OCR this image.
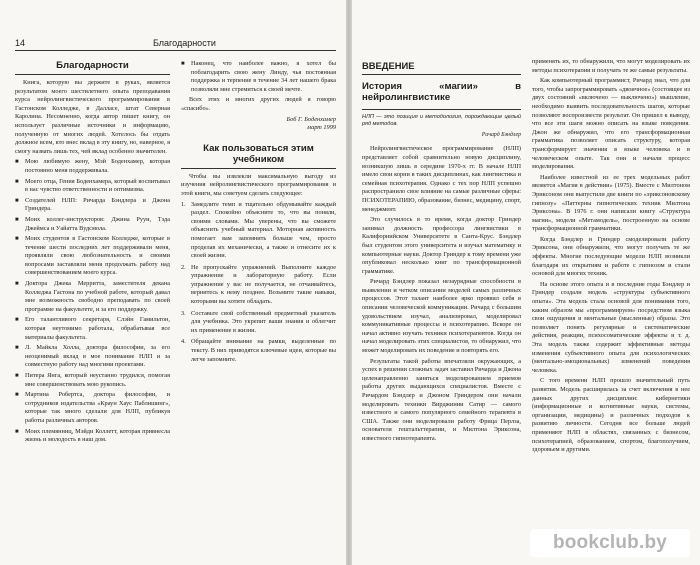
14	Благодарности
Благодарности

Книга, которую вы держите в руках, является результатом моего шестилетнего опыта преподавания курса нейролингвистического программирования в Гастонском Колледже, в Далласе, штат Северная Каролина. Несомненно, когда автор пишет книгу, он использует различные источники и информацию, полученную от многих людей. Хотелось бы отдать должное всем, кто внес вклад в эту книгу, но, наверное, я смогу назвать лишь тех, чей вклад особенно значителен.

■ Мою любимую жену, Мэй Боденхамер, которая постоянно меня поддерживала.
■ Моего отца, Гения Боденхамера, который воспитывал в нас чувство ответственности и оптимизма.
■ Создателей НЛП: Ричарда Бэндлера и Джона Гриндера.
■ Моих коллег-инструкторов: Джина Рууи, Тэда Джеймса и Уайатта Вудсмола.
■ Моих студентов в Гастонском Колледже, которые в течение шести последних лет поддерживали меня, проявляли свою любознательность и своими вопросами заставляли меня продолжать работу над совершенствованием моего курса.
■ Доктора Джека Мерритта, заместителя декана Колледжа Гастона по учебной работе, который давал мне возможность свободно преподавать по своей программе на факультете, и за его поддержку.
■ Его талантливого секретаря, Слэйн Гамильтон, которая неутомимо работала, обрабатывая все материалы факультета.
■ Л. Майкла Холла, доктора философии, за его неоценимый вклад в мое понимание НЛП и за совместную работу над многими проектами.
■ Питера Янга, который неустанно трудился, помогая мне совершенствовать мою рукопись.
■ Мартина Робертса, доктора философии, и сотрудников издательства «Краун Хаус Паблишинг», которые так много сделали для НЛП, публикуя работы различных авторов.
■ Моих племянниц, Мэйди Коллетт, которая привнесла жизнь и молодость в наш дом.
■ Наконец, что наиболее важно, я хотел бы поблагодарить свою жену Линду, чья постоянная поддержка и терпение в течение 34 лет нашего брака позволяли мне стремиться к своей мечте.

Всех этих и многих других людей я говорю «спасибо».

Боб Г. Боденхамер
март 1999
Как пользоваться этим учебником

Чтобы вы извлекли максимальную выгоду из изучения нейролингвистического программирования и этой книги, мы советуем сделать следующее:

1. Замедлите темп и тщательно обдумывайте каждый раздел. Спокойно объясните то, что вы поняли, своими словами. Мы уверены, что вы сможете объяснить учебный материал. Моторная активность помогает вам запомнить больше чем, просто проделав их механически, а также и отнесите их к своей жизни.
2. Не пропускайте упражнений. Выполните каждое упражнение и лабораторную работу. Если упражнение у вас не получается, не отчаивайтесь, вернитесь к нему позднее. Возьмите такие навыки, которыми вы хотите обладать.
3. Составьте свой собственный предметный указатель для учебника. Это укрепит ваши знания и облегчит их применение в жизни.
4. Обращайте внимание на рамки, выделенные по тексту. В них приводятся ключевые идеи, которые вы легче запомните.
ВВЕДЕНИЕ
История «магии» в нейролингвистике
НЛП — это позиция и методология, порождающие целый ряд методов.
Ричард Бэндлер

Нейролингвистическое программирование (НЛП) представляет собой сравнительно новую дисциплину, возникшую лишь в середине 1970-х гг. В начале НЛП имело свои корни в таких дисциплинах, как лингвистика и семейная психотерапия. Однако с тех пор НЛП успешно распространило свое влияние на самые различные сферы: ПСИХОТЕРАПИЮ, образование, бизнес, медицину, спорт, менеджмент.

Это случилось в то время, когда доктор Гриндер занимал должность профессора лингвистики в Калифорнийском Университете в Санта-Крус. Бэндлер был студентом этого университета и изучал математику и компьютерные науки. Доктор Гриндер к тому времени уже опубликовал несколько книг по трансформационной грамматике.

Ричард Бэндлер показал незаурядные способности в выявлении и четком описании моделей самых различных процессов. Этот талант наиболее ярко проявил себя в описании человеческой коммуникации. Ричард с большим удовольствием изучал, анализировал, моделировал коммуникативные процессы и психотерапию. Вскоре он начал активно изучать техники психотерапевтов. Когда он начал моделировать этих специалистов, то обнаружил, что может моделировать их поведение и повторять его.

Результаты такой работы впечатляли окружающих, а успех в решении сложных задач заставил Ричарда и Джона целенаправленно заняться моделированием приемов работы других выдающихся специалистов. Вместе с Ричардом Бэндлер и Джоном Гриндером они начали моделировать техники Вирджинии Сатир — самого известного и самого популярного семейного терапевта в США. Также они моделировали работу Фрица Перлза, основателя гештальттерапии, и Милтона Эриксона, известного гипнотерапевта.

применять их, то обнаружили, что могут моделировать их методы психотерапии и получать те же самые результаты.

Как компьютерный программист, Ричард знал, что для того, чтобы запрограммировать «двоичное» (состоящее из двух состояний «включено — выключено») мышление, необходимо выявить последовательность шагов, которые позволяют воспроизвести результат. Он пришел к выводу, что все эти шаги можно описать на языке поведения. Джон же обнаружил, что его трансформационная грамматика позволяет описать структуру, которая трансформирует значения в языке человека и в человеческом опыте. Так они и начали процесс моделирования.

Наиболее известной из ее трех модельных работ является «Магия в действии» (1975). Вместе с Милтоном Эриксоном они выпустили две книги по «эриксоновскому гипнозу» «Паттерны гипнотических техник Милтона Эриксона». В 1976 г. они написали книгу «Структура магии», модели «Метамодель», построенную на основе трансформационной грамматики.

Когда Бэндлер и Гриндер смоделировали работу Эриксона, они обнаружили, что могут получать те же эффекты. Многие последующие модели НЛП возникли благодаря их открытиям и работе с гипнозом и стали основой для многих техник.

На основе этого опыта и в последние годы Бэндлер и Гриндер создали модель «структуры субъективного опыта». Эта модель стала основой для понимания того, каким образом мы «программируем» посредством языка свои ощущения и ментальные (мысленные) образы. Это позволяет понять регулярные и систематические действия, реакции, психосоматические эффекты и т. д. Эта модель также содержит эффективные методы изменения субъективного опыта для психологических (ментально-эмоциональных) изменений поведения человека.

С того времени НЛП прошло значительный путь развития. Модель расширилась за счет включения в нее данных других дисциплин: кибернетики (информационные и когнитивные науки, системы, организации, медицины) и различных подходов к развитию личности. Сегодня все больше людей применяют НЛП в областях, связанных с бизнесом, психотерапией, образованием, спортом, благополучием, здоровьем и другими.

bookclub.by
